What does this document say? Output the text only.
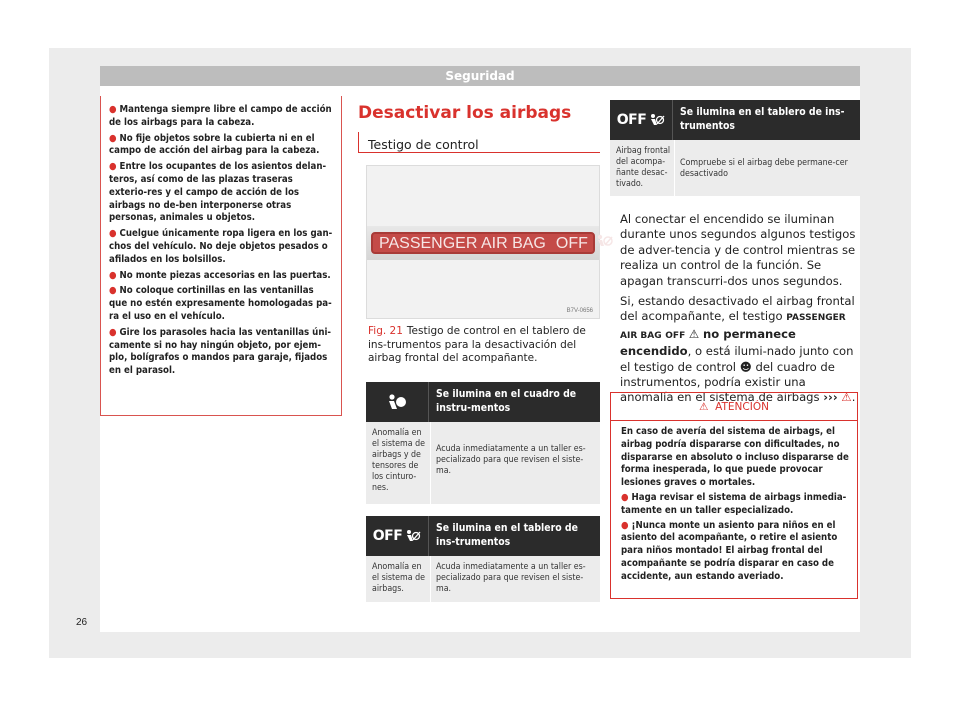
Seguridad
● Mantenga siempre libre el campo de acción de los airbags para la cabeza.
● No fije objetos sobre la cubierta ni en el campo de acción del airbag para la cabeza.
● Entre los ocupantes de los asientos delan-teros, así como de las plazas traseras exterio-res y el campo de acción de los airbags no de-ben interponerse otras personas, animales u objetos.
● Cuelgue únicamente ropa ligera en los gan-chos del vehículo. No deje objetos pesados o afilados en los bolsillos.
● No monte piezas accesorias en las puertas.
● No coloque cortinillas en las ventanillas que no estén expresamente homologadas pa-ra el uso en el vehículo.
● Gire los parasoles hacia las ventanillas úni-camente si no hay ningún objeto, por ejem-plo, bolígrafos o mandos para garaje, fijados en el parasol.
Desactivar los airbags
Testigo de control
PASSENGER AIR BAG OFF
B7V-0656
Fig. 21 Testigo de control en el tablero de ins-trumentos para la desactivación del airbag frontal del acompañante.
Se ilumina en el cuadro de instru-mentos
Anomalía en el sistema de airbags y de tensores de los cinturo-nes.
Acuda inmediatamente a un taller es-pecializado para que revisen el siste-ma.
OFF	Se ilumina en el tablero de ins-trumentos
Anomalía en el sistema de airbags.
Acuda inmediatamente a un taller es-pecializado para que revisen el siste-ma.
OFF	Se ilumina en el tablero de ins-trumentos
Airbag frontal del acompa-ñante desac-tivado.
Compruebe si el airbag debe permane-cer desactivado
Al conectar el encendido se iluminan durante unos segundos algunos testigos de adver-tencia y de control mientras se realiza un control de la función. Se apagan transcurri-dos unos segundos.
Si, estando desactivado el airbag frontal del acompañante, el testigo PASSENGER AIR BAG OFF ⚠ no permanece encendido, o está ilumi-nado junto con el testigo de control ☻ del cuadro de instrumentos, podría existir una anomalía en el sistema de airbags ››› ⚠.
⚠ ATENCIÓN

En caso de avería del sistema de airbags, el airbag podría dispararse con dificultades, no dispararse en absoluto o incluso dispararse de forma inesperada, lo que puede provocar lesiones graves o mortales.

● Haga revisar el sistema de airbags inmedia-tamente en un taller especializado.

● ¡Nunca monte un asiento para niños en el asiento del acompañante, o retire el asiento para niños montado! El airbag frontal del acompañante se podría disparar en caso de accidente, aun estando averiado.

26
